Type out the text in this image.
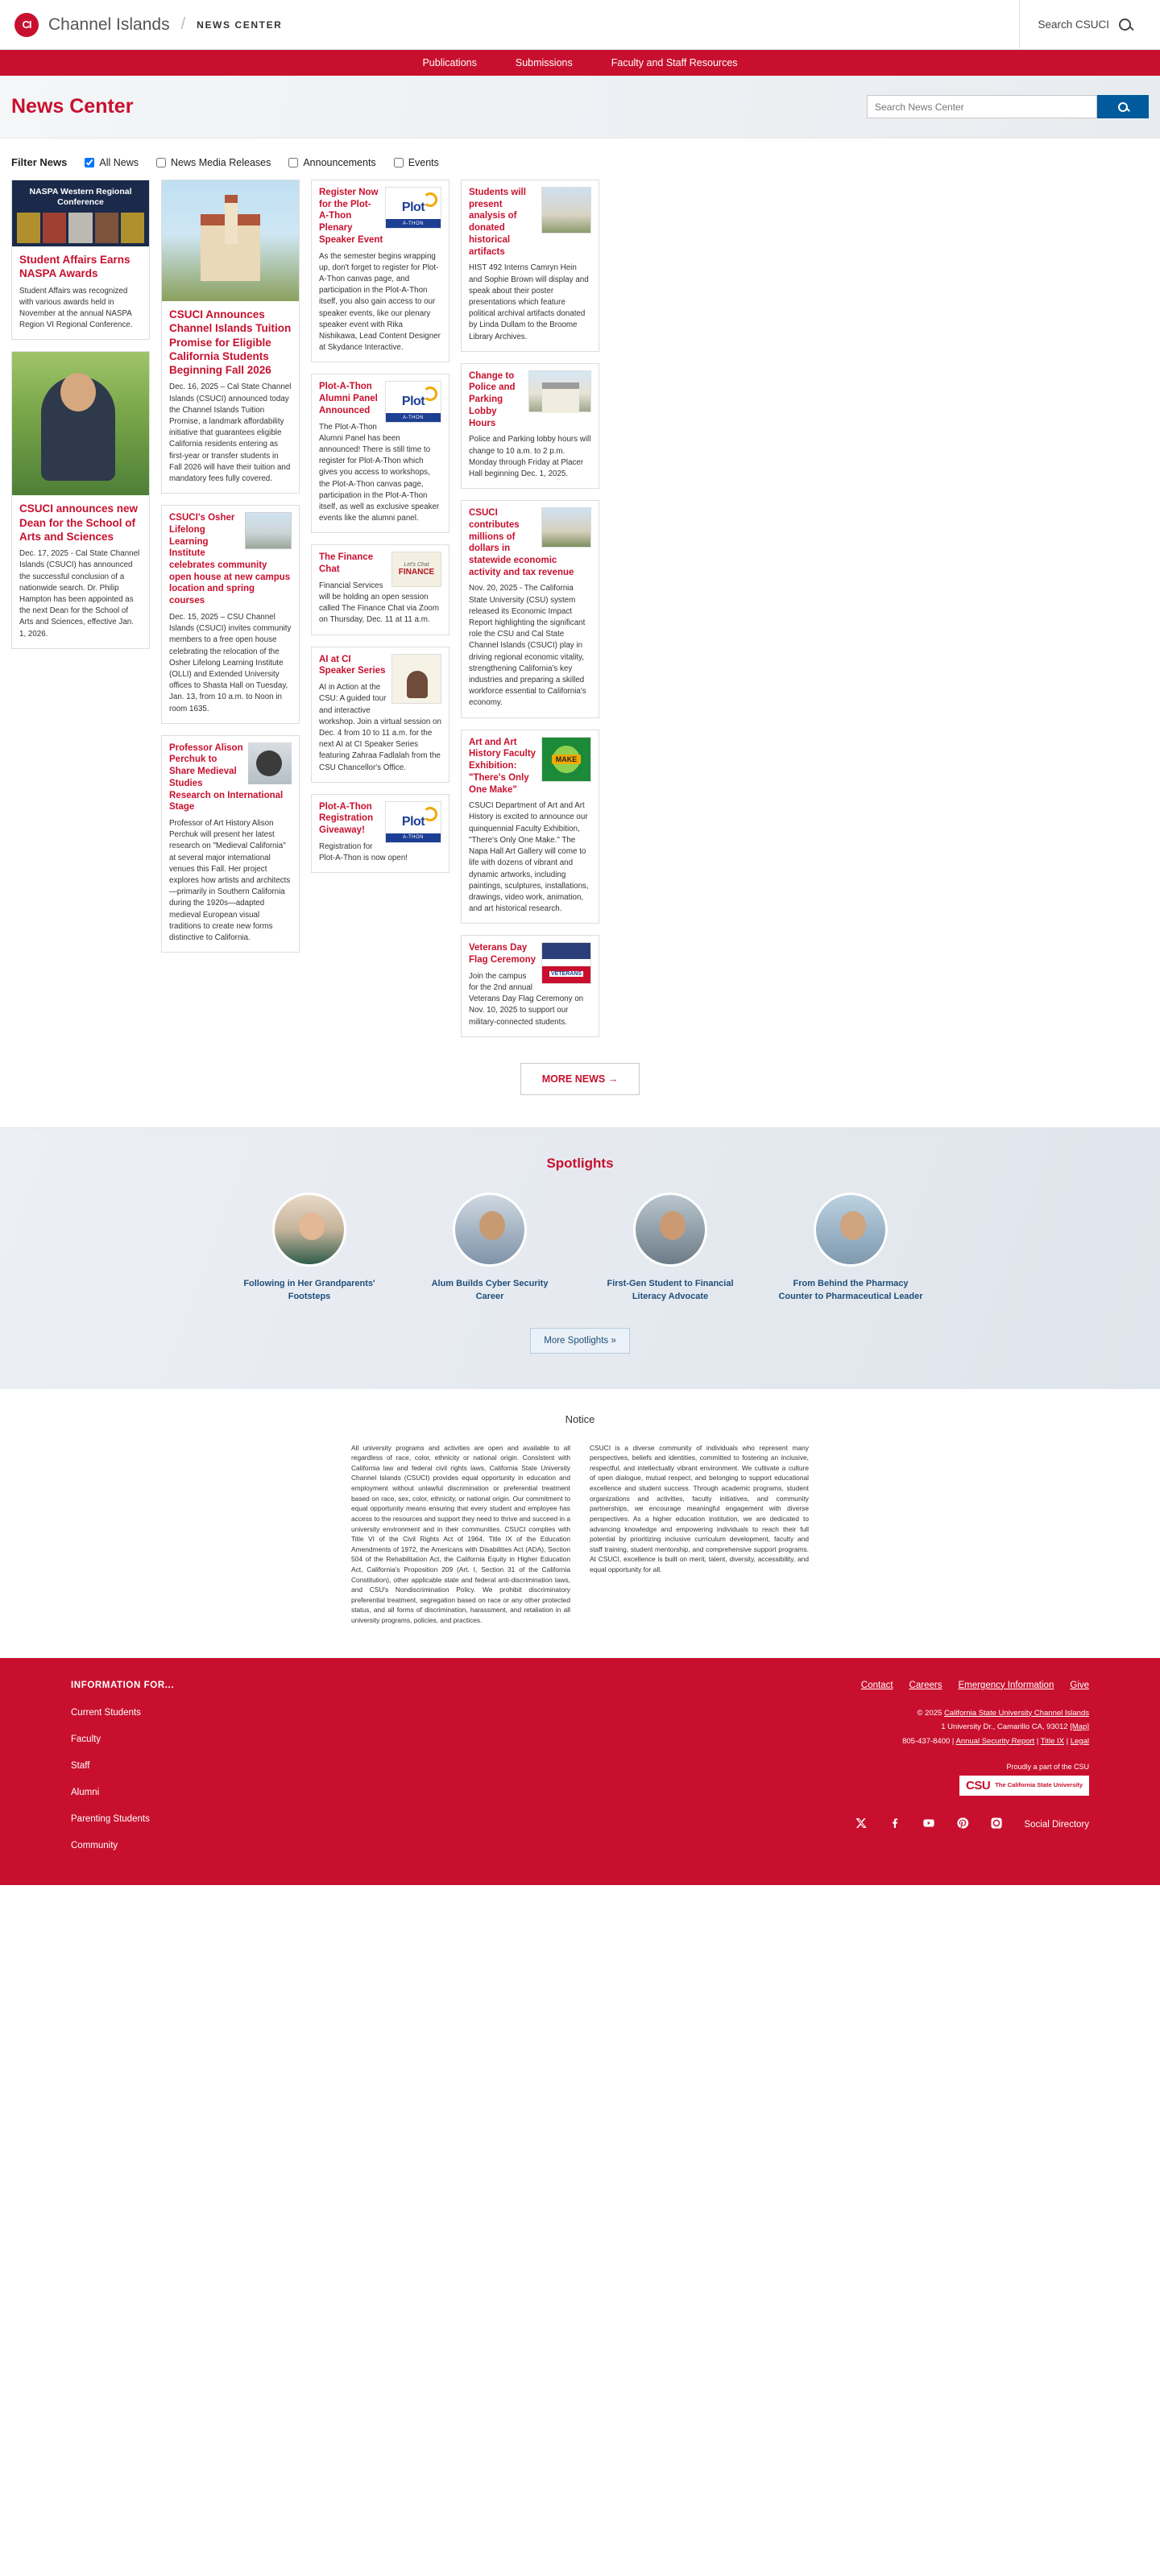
CI Channel Islands / NEWS CENTER	Search CSUCI
Publications	Submissions	Faculty and Staff Resources
News Center
Search News Center
Filter News	All News	News Media Releases	Announcements	Events
NASPA Western Regional Conference
Student Affairs Earns NASPA Awards

Student Affairs was recognized with various awards held in November at the annual NASPA Region VI Regional Conference.

CSUCI announces new Dean for the School of Arts and Sciences

Dec. 17, 2025 - Cal State Channel Islands (CSUCI) has announced the successful conclusion of a nationwide search. Dr. Philip Hampton has been appointed as the next Dean for the School of Arts and Sciences, effective Jan. 1, 2026.

CSUCI Announces Channel Islands Tuition Promise for Eligible California Students Beginning Fall 2026

Dec. 16, 2025 – Cal State Channel Islands (CSUCI) announced today the Channel Islands Tuition Promise, a landmark affordability initiative that guarantees eligible California residents entering as first-year or transfer students in Fall 2026 will have their tuition and mandatory fees fully covered.

CSUCI's Osher Lifelong Learning Institute celebrates community open house at new campus location and spring courses

Dec. 15, 2025 – CSU Channel Islands (CSUCI) invites community members to a free open house celebrating the relocation of the Osher Lifelong Learning Institute (OLLI) and Extended University offices to Shasta Hall on Tuesday, Jan. 13, from 10 a.m. to Noon in room 1635.

Professor Alison Perchuk to Share Medieval Studies Research on International Stage

Professor of Art History Alison Perchuk will present her latest research on "Medieval California" at several major international venues this Fall. Her project explores how artists and architects—primarily in Southern California during the 1920s—adapted medieval European visual traditions to create new forms distinctive to California.

Plot
A-THON
Register Now for the Plot-A-Thon Plenary Speaker Event

As the semester begins wrapping up, don't forget to register for Plot-A-Thon canvas page, and participation in the Plot-A-Thon itself, you also gain access to our speaker events, like our plenary speaker event with Rika Nishikawa, Lead Content Designer at Skydance Interactive.

Plot
A-THON
Plot-A-Thon Alumni Panel Announced

The Plot-A-Thon Alumni Panel has been announced! There is still time to register for Plot-A-Thon which gives you access to workshops, the Plot-A-Thon canvas page, participation in the Plot-A-Thon itself, as well as exclusive speaker events like the alumni panel.

Let's Chat
FINANCE
The Finance Chat

Financial Services will be holding an open session called The Finance Chat via Zoom on Thursday, Dec. 11 at 11 a.m.

AI at CI Speaker Series

AI in Action at the CSU: A guided tour and interactive workshop. Join a virtual session on Dec. 4 from 10 to 11 a.m. for the next AI at CI Speaker Series featuring Zahraa Fadlalah from the CSU Chancellor's Office.

Plot
A-THON
Plot-A-Thon Registration Giveaway!

Registration for Plot-A-Thon is now open!

Students will present analysis of donated historical artifacts

HIST 492 Interns Camryn Hein and Sophie Brown will display and speak about their poster presentations which feature political archival artifacts donated by Linda Dullam to the Broome Library Archives.

Change to Police and Parking Lobby Hours

Police and Parking lobby hours will change to 10 a.m. to 2 p.m. Monday through Friday at Placer Hall beginning Dec. 1, 2025.

CSUCI contributes millions of dollars in statewide economic activity and tax revenue

Nov. 20, 2025 - The California State University (CSU) system released its Economic Impact Report highlighting the significant role the CSU and Cal State Channel Islands (CSUCI) play in driving regional economic vitality, strengthening California's key industries and preparing a skilled workforce essential to California's economy.

MAKE
Art and Art History Faculty Exhibition: "There's Only One Make"

CSUCI Department of Art and Art History is excited to announce our quinquennial Faculty Exhibition, "There's Only One Make." The Napa Hall Art Gallery will come to life with dozens of vibrant and dynamic artworks, including paintings, sculptures, installations, drawings, video work, animation, and art historical research.

VETERANS
Veterans Day Flag Ceremony

Join the campus for the 2nd annual Veterans Day Flag Ceremony on Nov. 10, 2025 to support our military-connected students.

MORE NEWS →
Spotlights
Following in Her Grandparents' Footsteps
Alum Builds Cyber Security Career
First-Gen Student to Financial Literacy Advocate
From Behind the Pharmacy Counter to Pharmaceutical Leader
More Spotlights »
Notice

All university programs and activities are open and available to all regardless of race, color, ethnicity or national origin. Consistent with California law and federal civil rights laws, California State University Channel Islands (CSUCI) provides equal opportunity in education and employment without unlawful discrimination or preferential treatment based on race, sex, color, ethnicity, or national origin. Our commitment to equal opportunity means ensuring that every student and employee has access to the resources and support they need to thrive and succeed in a university environment and in their communities. CSUCI complies with Title VI of the Civil Rights Act of 1964, Title IX of the Education Amendments of 1972, the Americans with Disabilities Act (ADA), Section 504 of the Rehabilitation Act, the California Equity in Higher Education Act, California's Proposition 209 (Art. I, Section 31 of the California Constitution), other applicable state and federal anti-discrimination laws, and CSU's Nondiscrimination Policy. We prohibit discriminatory preferential treatment, segregation based on race or any other protected status, and all forms of discrimination, harassment, and retaliation in all university programs, policies, and practices.

CSUCI is a diverse community of individuals who represent many perspectives, beliefs and identities, committed to fostering an inclusive, respectful, and intellectually vibrant environment. We cultivate a culture of open dialogue, mutual respect, and belonging to support educational excellence and student success. Through academic programs, student organizations and activities, faculty initiatives, and community partnerships, we encourage meaningful engagement with diverse perspectives. As a higher education institution, we are dedicated to advancing knowledge and empowering individuals to reach their full potential by prioritizing inclusive curriculum development, faculty and staff training, student mentorship, and comprehensive support programs. At CSUCI, excellence is built on merit, talent, diversity, accessibility, and equal opportunity for all.

INFORMATION FOR...
Current Students
Faculty
Staff
Alumni
Parenting Students
Community
Contact Careers Emergency Information Give

© 2025 California State University Channel Islands

1 University Dr., Camarillo CA, 93012 [Map]

805-437-8400 | Annual Security Report | Title IX | Legal

Proudly a part of the CSU
CSU The California State University
Social Directory
